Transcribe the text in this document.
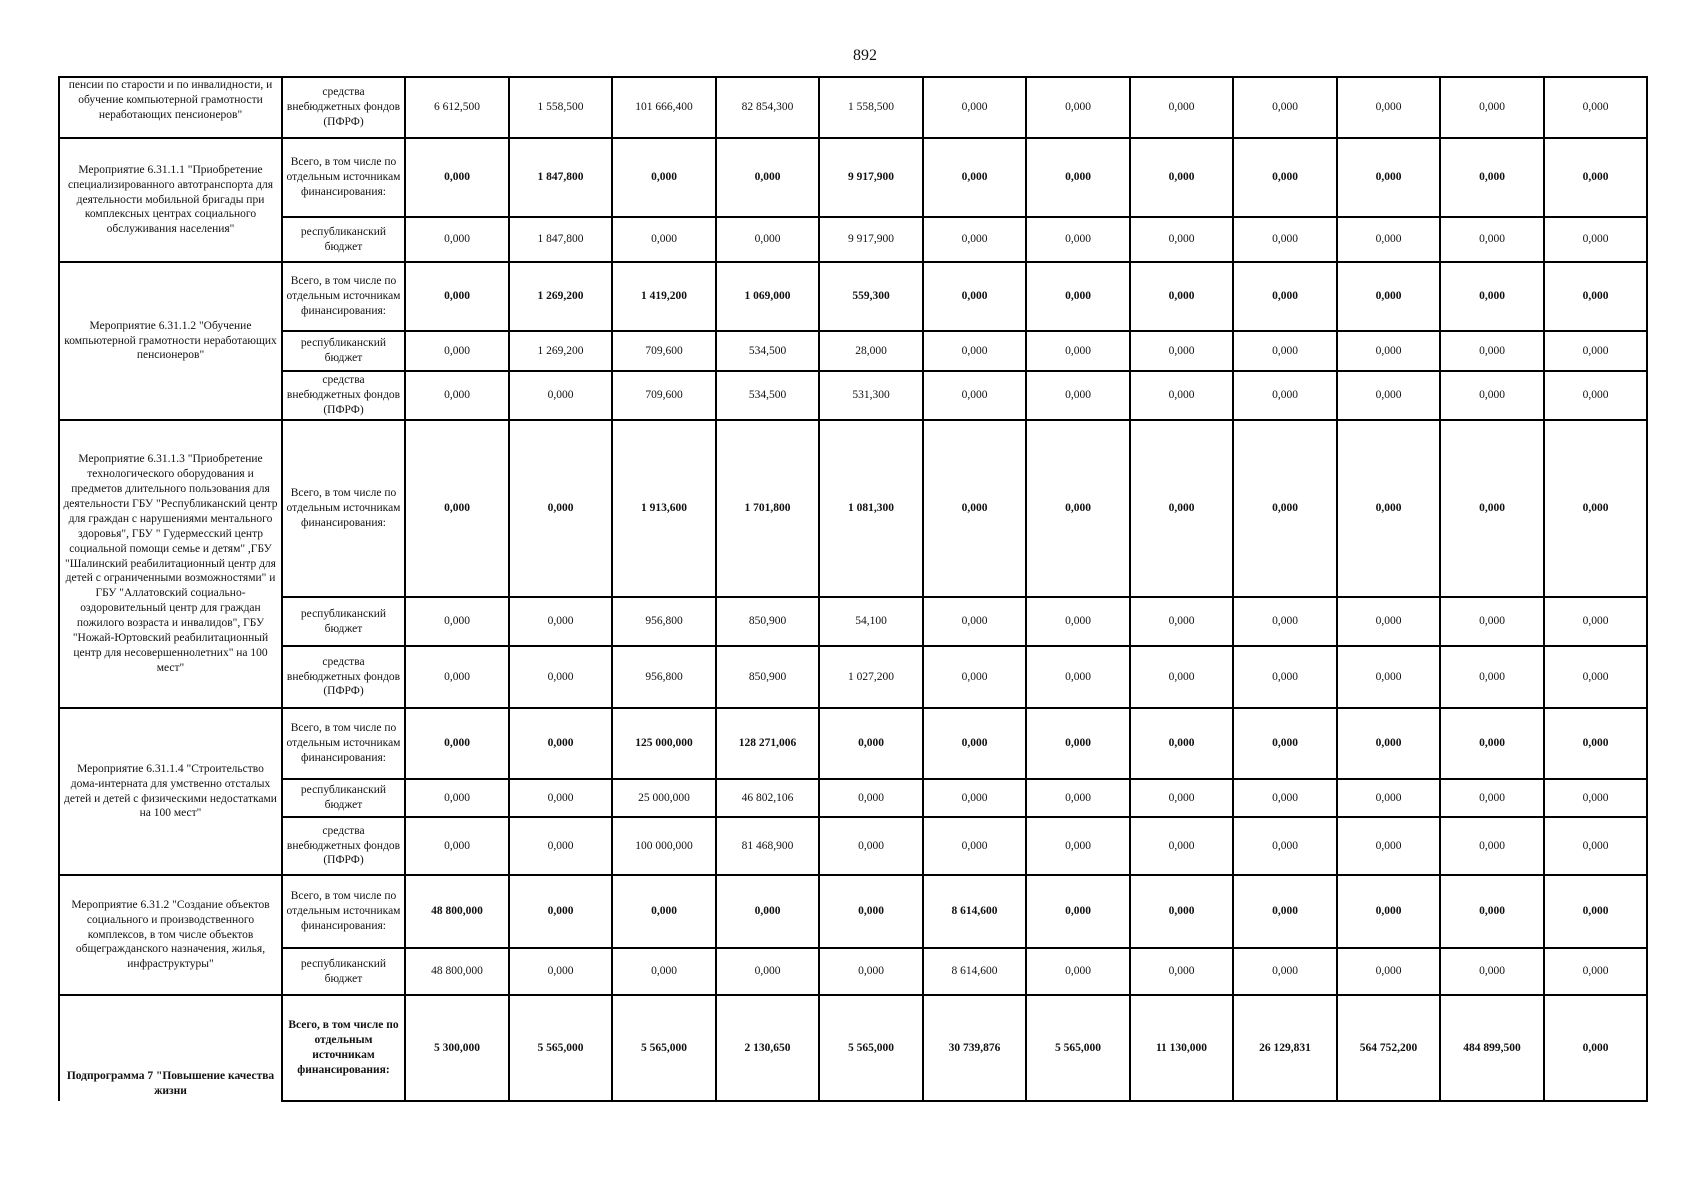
892
пенсии по старости и по инвалидности, и обучение компьютерной грамотности неработающих пенсионеров"	средства внебюджетных фондов (ПФРФ)	6 612,500	1 558,500	101 666,400	82 854,300	1 558,500	0,000	0,000	0,000	0,000	0,000	0,000	0,000
Мероприятие 6.31.1.1 "Приобретение специализированного автотранспорта для деятельности мобильной бригады при комплексных центрах социального обслуживания населения"	Всего, в том числе по отдельным источникам финансирования:	0,000	1 847,800	0,000	0,000	9 917,900	0,000	0,000	0,000	0,000	0,000	0,000	0,000
	республиканский бюджет	0,000	1 847,800	0,000	0,000	9 917,900	0,000	0,000	0,000	0,000	0,000	0,000	0,000
Мероприятие 6.31.1.2 "Обучение компьютерной грамотности неработающих пенсионеров"	Всего, в том числе по отдельным источникам финансирования:	0,000	1 269,200	1 419,200	1 069,000	559,300	0,000	0,000	0,000	0,000	0,000	0,000	0,000
	республиканский бюджет	0,000	1 269,200	709,600	534,500	28,000	0,000	0,000	0,000	0,000	0,000	0,000	0,000
	средства внебюджетных фондов (ПФРФ)	0,000	0,000	709,600	534,500	531,300	0,000	0,000	0,000	0,000	0,000	0,000	0,000
Мероприятие 6.31.1.3 "Приобретение технологического оборудования и предметов длительного пользования для деятельности ГБУ "Республиканский центр для граждан с нарушениями ментального здоровья", ГБУ " Гудермесский центр социальной помощи семье и детям" ,ГБУ "Шалинский реабилитационный центр для детей с ограниченными возможностями" и ГБУ "Аллатовский социально-оздоровительный центр для граждан пожилого возраста и инвалидов", ГБУ "Ножай-Юртовский реабилитационный центр для несовершеннолетних" на 100 мест"	Всего, в том числе по отдельным источникам финансирования:	0,000	0,000	1 913,600	1 701,800	1 081,300	0,000	0,000	0,000	0,000	0,000	0,000	0,000
	республиканский бюджет	0,000	0,000	956,800	850,900	54,100	0,000	0,000	0,000	0,000	0,000	0,000	0,000
	средства внебюджетных фондов (ПФРФ)	0,000	0,000	956,800	850,900	1 027,200	0,000	0,000	0,000	0,000	0,000	0,000	0,000
Мероприятие 6.31.1.4 "Строительство дома-интерната для умственно отсталых детей и детей с физическими недостатками на 100 мест"	Всего, в том числе по отдельным источникам финансирования:	0,000	0,000	125 000,000	128 271,006	0,000	0,000	0,000	0,000	0,000	0,000	0,000	0,000
	республиканский бюджет	0,000	0,000	25 000,000	46 802,106	0,000	0,000	0,000	0,000	0,000	0,000	0,000	0,000
	средства внебюджетных фондов (ПФРФ)	0,000	0,000	100 000,000	81 468,900	0,000	0,000	0,000	0,000	0,000	0,000	0,000	0,000
Мероприятие 6.31.2 "Создание объектов социального и производственного комплексов, в том числе объектов общегражданского назначения, жилья, инфраструктуры"	Всего, в том числе по отдельным источникам финансирования:	48 800,000	0,000	0,000	0,000	0,000	8 614,600	0,000	0,000	0,000	0,000	0,000	0,000
	республиканский бюджет	48 800,000	0,000	0,000	0,000	0,000	8 614,600	0,000	0,000	0,000	0,000	0,000	0,000
Подпрограмма 7 "Повышение качества жизни	Всего, в том числе по отдельным источникам финансирования:	5 300,000	5 565,000	5 565,000	2 130,650	5 565,000	30 739,876	5 565,000	11 130,000	26 129,831	564 752,200	484 899,500	0,000
